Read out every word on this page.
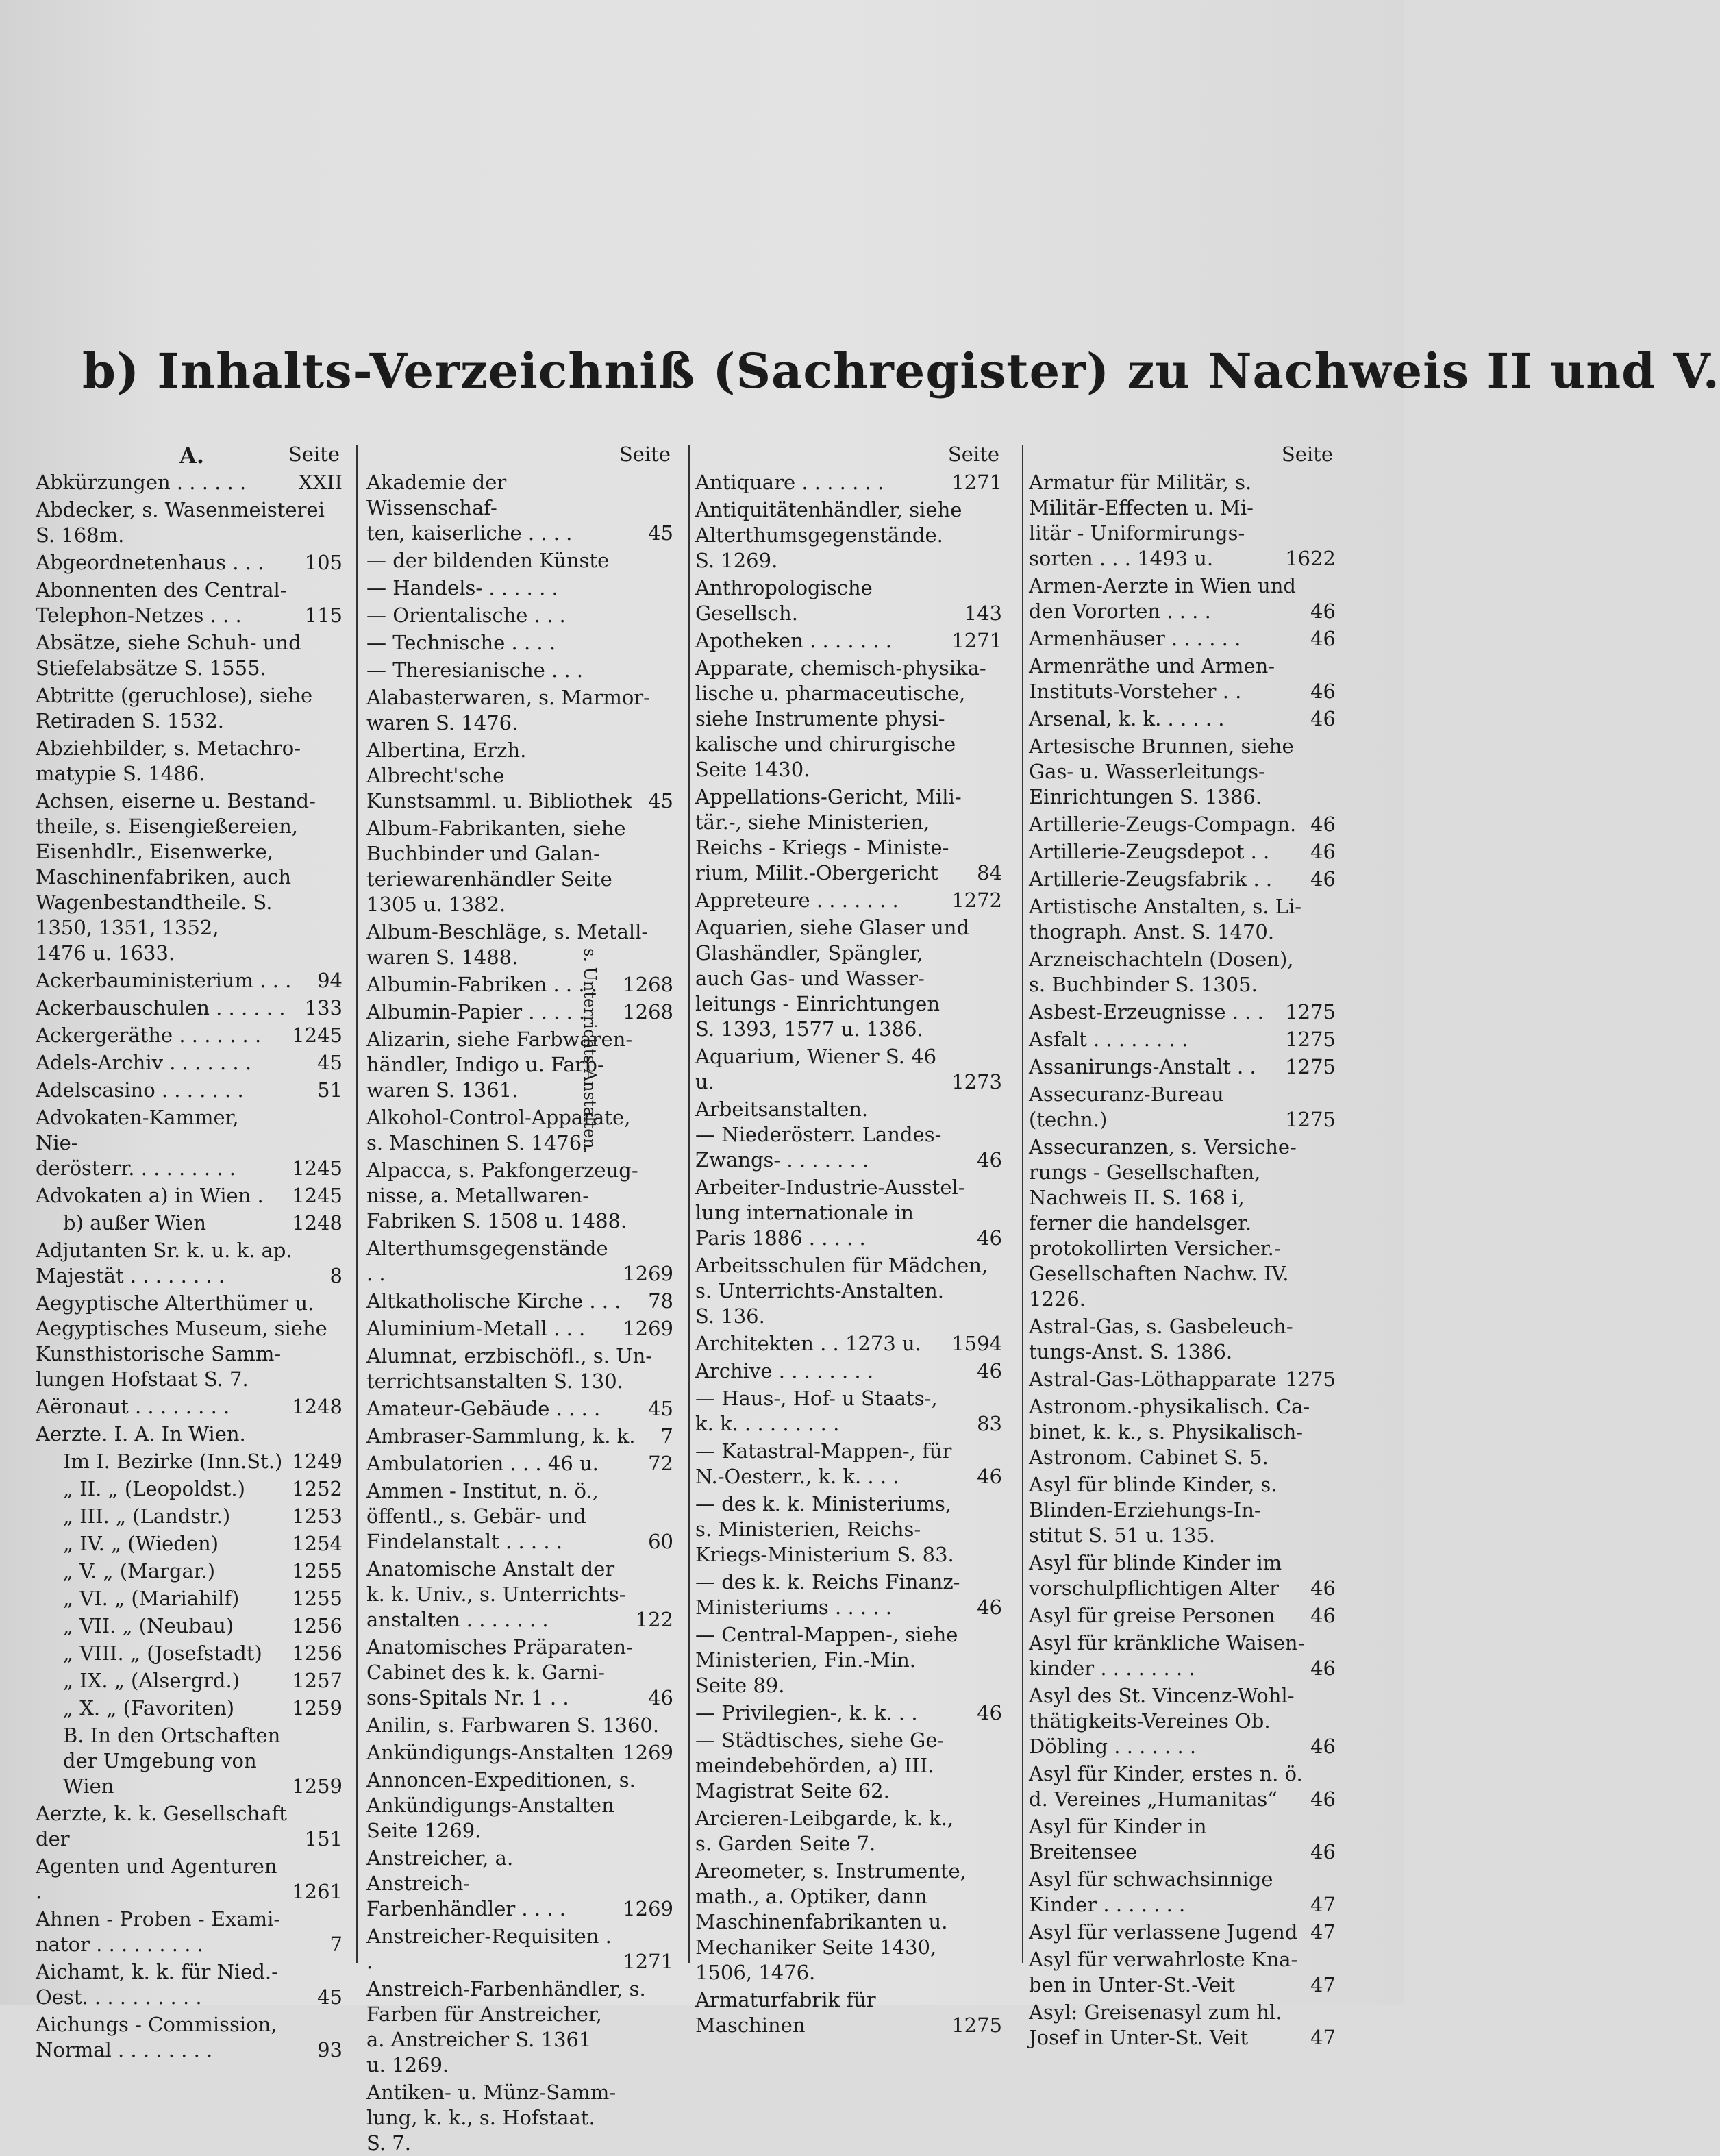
b) Inhalts-Verzeichniß (Sachregister) zu Nachweis II und V.
A.	Seite
Abkürzungen . . . . . .	XXII
Abdecker, s. Wasenmeisterei
S. 168m.
Abgeordnetenhaus . . .	105
Abonnenten des Central-
Telephon-Netzes . . .	115
Absätze, siehe Schuh- und
Stiefelabsätze S. 1555.
Abtritte (geruchlose), siehe
Retiraden S. 1532.
Abziehbilder, s. Metachro-
matypie S. 1486.
Achsen, eiserne u. Bestand-
theile, s. Eisengießereien,
Eisenhdlr., Eisenwerke,
Maschinenfabriken, auch
Wagenbestandtheile. S.
1350, 1351, 1352,
1476 u. 1633.
Ackerbauministerium . . .	94
Ackerbauschulen . . . . . . 133
Ackergeräthe . . . . . . .	1245
Adels-Archiv . . . . . . .	45
Adelscasino . . . . . . .	51
Advokaten-Kammer, Nie-
derösterr. . . . . . . . .	1245
Advokaten a) in Wien .	1245
b) außer Wien	1248
Adjutanten Sr. k. u. k. ap.
Majestät . . . . . . . .	8
Aegyptische Alterthümer u.
Aegyptisches Museum, siehe
Kunsthistorische Samm-
lungen Hofstaat S. 7.
Aëronaut . . . . . . . .	1248
Aerzte. I. A. In Wien.
Im I. Bezirke (Inn.St.) 1249
„ II. „ (Leopoldst.)	1252
„ III. „ (Landstr.)	1253
„ IV. „ (Wieden)	1254
„ V. „ (Margar.)	1255
„ VI. „ (Mariahilf)	1255
„ VII. „ (Neubau)	1256
„ VIII. „ (Josefstadt)	1256
„ IX. „ (Alsergrd.)	1257
„ X. „ (Favoriten)	1259
B. In den Ortschaften
der Umgebung von Wien	1259
Aerzte, k. k. Gesellschaft der	151
Agenten und Agenturen .	1261
Ahnen - Proben - Exami-
nator . . . . . . . . .	7
Aichamt, k. k. für Nied.-
Oest. . . . . . . . . .	45
Aichungs - Commission,
Normal . . . . . . . .	93
Seite
Akademie der Wissenschaf-
ten, kaiserliche . . . .	45
— der bildenden Künste
— Handels- . . . . . .
— Orientalische . . .
— Technische . . . .
— Theresianische . . .
Alabasterwaren, s. Marmor-
waren S. 1476.
Albertina, Erzh. Albrecht'sche
Kunstsamml. u. Bibliothek 45
Album-Fabrikanten, siehe
Buchbinder und Galan-
teriewarenhändler Seite
1305 u. 1382.
Album-Beschläge, s. Metall-
waren S. 1488.
Albumin-Fabriken . . . .	1268
Albumin-Papier . . . . .	1268
Alizarin, siehe Farbwaren-
händler, Indigo u. Farb-
waren S. 1361.
Alkohol-Control-Apparate,
s. Maschinen S. 1476.
Alpacca, s. Pakfongerzeug-
nisse, a. Metallwaren-
Fabriken S. 1508 u. 1488.
Alterthumsgegenstände . .	1269
Altkatholische Kirche . . .	78
Aluminium-Metall . . .	1269
Alumnat, erzbischöfl., s. Un-
terrichtsanstalten S. 130.
Amateur-Gebäude . . . .	45
Ambraser-Sammlung, k. k.	7
Ambulatorien . . . 46 u.	72
Ammen - Institut, n. ö.,
öffentl., s. Gebär- und
Findelanstalt . . . . .	60
Anatomische Anstalt der
k. k. Univ., s. Unterrichts-
anstalten . . . . . . .	122
Anatomisches Präparaten-
Cabinet des k. k. Garni-
sons-Spitals Nr. 1 . .	46
Anilin, s. Farbwaren S. 1360.
Ankündigungs-Anstalten 1269
Annoncen-Expeditionen, s.
Ankündigungs-Anstalten
Seite 1269.
Anstreicher, a. Anstreich-
Farbenhändler . . . .	1269
Anstreicher-Requisiten . .	1271
Anstreich-Farbenhändler, s.
Farben für Anstreicher,
a. Anstreicher S. 1361
u. 1269.
Antiken- u. Münz-Samm-
lung, k. k., s. Hofstaat.
S. 7.
s. Unterrichts-Anstalten.
Seite
Antiquare . . . . . . .	1271
Antiquitätenhändler, siehe
Alterthumsgegenstände.
S. 1269.
Anthropologische Gesellsch.	143
Apotheken . . . . . . .	1271
Apparate, chemisch-physika-
lische u. pharmaceutische,
siehe Instrumente physi-
kalische und chirurgische
Seite 1430.
Appellations-Gericht, Mili-
tär.-, siehe Ministerien,
Reichs - Kriegs - Ministe-
rium, Milit.-Obergericht	84
Appreteure . . . . . . .	1272
Aquarien, siehe Glaser und
Glashändler, Spängler,
auch Gas- und Wasser-
leitungs - Einrichtungen
S. 1393, 1577 u. 1386.
Aquarium, Wiener S. 46 u.	1273
Arbeitsanstalten.
— Niederösterr. Landes-
Zwangs- . . . . . . .	46
Arbeiter-Industrie-Ausstel-
lung internationale in
Paris 1886 . . . . .	46
Arbeitsschulen für Mädchen,
s. Unterrichts-Anstalten.
S. 136.
Architekten . . 1273 u.	1594
Archive . . . . . . . .	46
— Haus-, Hof- u Staats-,
k. k. . . . . . . . .	83
— Katastral-Mappen-, für
N.-Oesterr., k. k. . . .	46
— des k. k. Ministeriums,
s. Ministerien, Reichs-
Kriegs-Ministerium S. 83.
— des k. k. Reichs Finanz-
Ministeriums . . . . .	46
— Central-Mappen-, siehe
Ministerien, Fin.-Min.
Seite 89.
— Privilegien-, k. k. . .	46
— Städtisches, siehe Ge-
meindebehörden, a) III.
Magistrat Seite 62.
Arcieren-Leibgarde, k. k.,
s. Garden Seite 7.
Areometer, s. Instrumente,
math., a. Optiker, dann
Maschinenfabrikanten u.
Mechaniker Seite 1430,
1506, 1476.
Armaturfabrik für Maschinen	1275
Seite
Armatur für Militär, s.
Militär-Effecten u. Mi-
litär - Uniformirungs-
sorten . . . 1493 u.	1622
Armen-Aerzte in Wien und
den Vororten . . . .	46
Armenhäuser . . . . . .	46
Armenräthe und Armen-
Instituts-Vorsteher . .	46
Arsenal, k. k. . . . . .	46
Artesische Brunnen, siehe
Gas- u. Wasserleitungs-
Einrichtungen S. 1386.
Artillerie-Zeugs-Compagn. 46
Artillerie-Zeugsdepot . .	46
Artillerie-Zeugsfabrik . .	46
Artistische Anstalten, s. Li-
thograph. Anst. S. 1470.
Arzneischachteln (Dosen),
s. Buchbinder S. 1305.
Asbest-Erzeugnisse . . .	1275
Asfalt . . . . . . . .	1275
Assanirungs-Anstalt . .	1275
Assecuranz-Bureau (techn.)	1275
Assecuranzen, s. Versiche-
rungs - Gesellschaften,
Nachweis II. S. 168 i,
ferner die handelsger.
protokollirten Versicher.-
Gesellschaften Nachw. IV.
1226.
Astral-Gas, s. Gasbeleuch-
tungs-Anst. S. 1386.
Astral-Gas-Löthapparate 1275
Astronom.-physikalisch. Ca-
binet, k. k., s. Physikalisch-
Astronom. Cabinet S. 5.
Asyl für blinde Kinder, s.
Blinden-Erziehungs-In-
stitut S. 51 u. 135.
Asyl für blinde Kinder im
vorschulpflichtigen Alter	46
Asyl für greise Personen	46
Asyl für kränkliche Waisen-
kinder . . . . . . . .	46
Asyl des St. Vincenz-Wohl-
thätigkeits-Vereines Ob.
Döbling . . . . . . .	46
Asyl für Kinder, erstes n. ö.
d. Vereines „Humanitas“	46
Asyl für Kinder in Breitensee	46
Asyl für schwachsinnige
Kinder . . . . . . .	47
Asyl für verlassene Jugend 47
Asyl für verwahrloste Kna-
ben in Unter-St.-Veit	47
Asyl: Greisenasyl zum hl.
Josef in Unter-St. Veit	47
